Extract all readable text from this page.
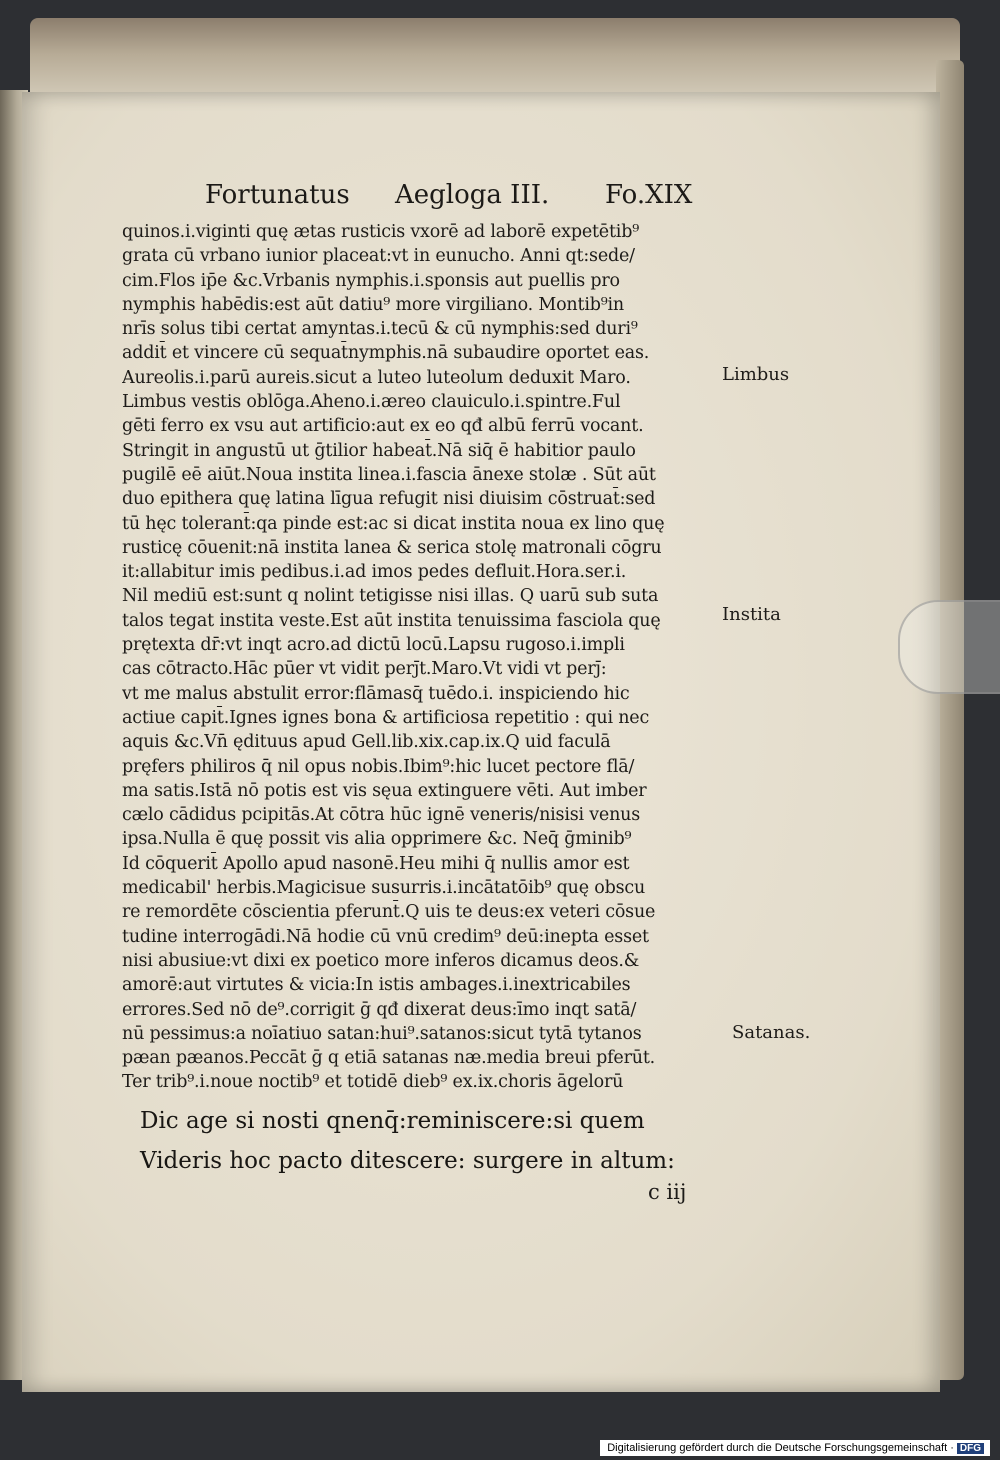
Fortunatus Aegloga III. Fo.XIX
quinos.i.viginti quę ætas rusticis vxorē ad laborē expetētib⁹
grata cū vrbano iunior placeat:vt in eunucho. Anni qt:sede/
cim.Flos ip̄e &c.Vrbanis nymphis.i.sponsis aut puellis pro
nymphis habēdis:est aūt datiu⁹ more virgiliano. Montib⁹in
nrīs solus tibi certat amyntas.i.tecū & cū nymphis:sed duri⁹
addit̄ et vincere cū sequat̄nymphis.nā subaudire oportet eas.
Aureolis.i.parū aureis.sicut a luteo luteolum deduxit Maro.
Limbus vestis oblōga.Aheno.i.æreo clauiculo.i.spintre.Ful
gēti ferro ex vsu aut artificio:aut ex eo qđ albū ferrū vocant.
Stringit in angustū ut ḡtilior habeat̄.Nā siq̄ ē habitior paulo
pugilē eē aiūt.Noua instita linea.i.fascia ānexe stolæ . Sūt aūt
duo epithera quę latina līgua refugit nisi diuisim cōstruat̄:sed
tū hęc tolerant̄:qa pinde est:ac si dicat instita noua ex lino quę
rusticę cōuenit:nā instita lanea & serica stolę matronali cōgru
it:allabitur imis pedibus.i.ad imos pedes defluit.Hora.ser.i.
Nil mediū est:sunt q nolint tetigisse nisi illas. Q uarū sub suta
talos tegat instita veste.Est aūt instita tenuissima fasciola quę
prętexta dr̄:vt inqt acro.ad dictū locū.Lapsu rugoso.i.impli
cas cōtracto.Hāc pūer vt vidit perȷ̄t.Maro.Vt vidi vt perȷ̄:
vt me malus abstulit error:flāmasq̄ tuēdo.i. inspiciendo hic
actiue capit̄.Ignes ignes bona & artificiosa repetitio : qui nec
aquis &c.Vn̄ ędituus apud Gell.lib.xix.cap.ix.Q uid faculā
pręfers philiros q̄ nil opus nobis.Ibim⁹:hic lucet pectore flā/
ma satis.Istā nō potis est vis sęua extinguere vēti. Aut imber
cælo cādidus pcipitās.At cōtra hūc ignē veneris/nisisi venus
ipsa.Nulla ē quę possit vis alia opprimere &c. Neq̄ ḡminib⁹
Id cōquerit̄ Apollo apud nasonē.Heu mihi q̄ nullis amor est
medicabil' herbis.Magicisue susurris.i.incātatōib⁹ quę obscu
re remordēte cōscientia pferunt̄.Q uis te deus:ex veteri cōsue
tudine interrogādi.Nā hodie cū vnū credim⁹ deū:inepta esset
nisi abusiue:vt dixi ex poetico more inferos dicamus deos.&
amorē:aut virtutes & vicia:In istis ambages.i.inextricabiles
errores.Sed nō de⁹.corrigit ḡ qđ dixerat deus:īmo inqt satā/
nū pessimus:a noīatiuo satan:hui⁹.satanos:sicut tytā tytanos
pæan pæanos.Peccāt ḡ q etiā satanas næ.media breui pferūt.
Ter trib⁹.i.noue noctib⁹ et totidē dieb⁹ ex.ix.choris āgelorū
Dic age si nosti qnenq̄:reminiscere:si quem
Videris hoc pacto ditescere: surgere in altum:
Limbus
Instita
Satanas.
c iij
Digitalisierung gefördert durch die Deutsche Forschungsgemeinschaft · DFG
